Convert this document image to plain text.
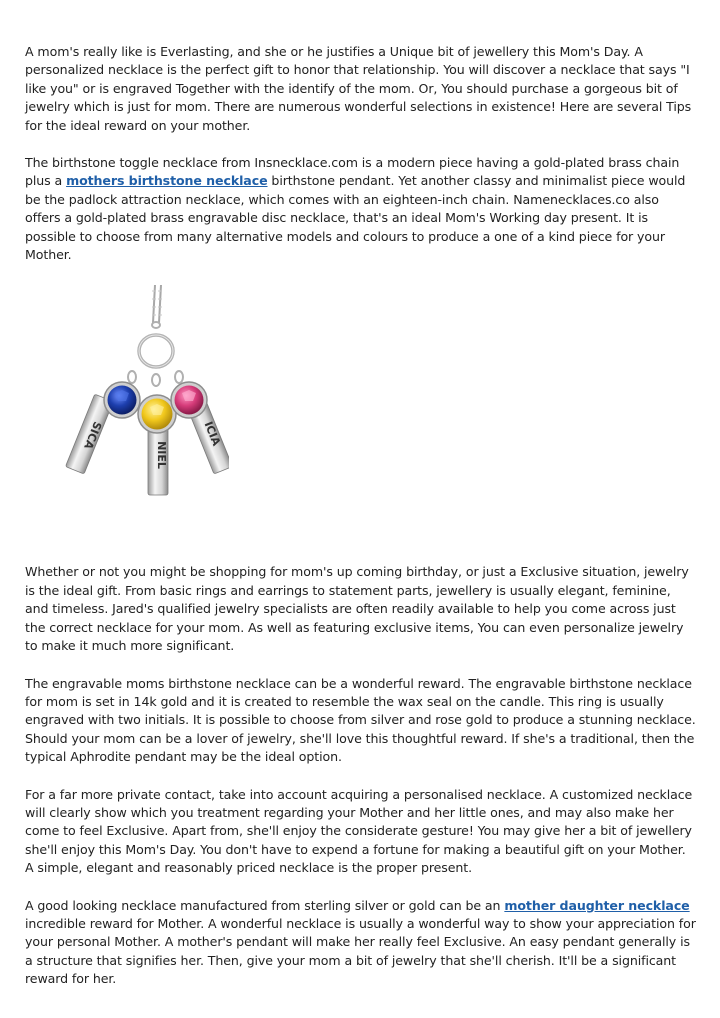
A mom's really like is Everlasting, and she or he justifies a Unique bit of jewellery this Mom's Day. A personalized necklace is the perfect gift to honor that relationship. You will discover a necklace that says "I like you" or is engraved Together with the identify of the mom. Or, You should purchase a gorgeous bit of jewelry which is just for mom. There are numerous wonderful selections in existence! Here are several Tips for the ideal reward on your mother.

The birthstone toggle necklace from Insnecklace.com is a modern piece having a gold-plated brass chain plus a mothers birthstone necklace birthstone pendant. Yet another classy and minimalist piece would be the padlock attraction necklace, which comes with an eighteen-inch chain. Namenecklaces.co also offers a gold-plated brass engravable disc necklace, that's an ideal Mom's Working day present. It is possible to choose from many alternative models and colours to produce a one of a kind piece for your Mother.

SICA
NIEL
ICIA

Whether or not you might be shopping for mom's up coming birthday, or just a Exclusive situation, jewelry is the ideal gift. From basic rings and earrings to statement parts, jewellery is usually elegant, feminine, and timeless. Jared's qualified jewelry specialists are often readily available to help you come across just the correct necklace for your mom. As well as featuring exclusive items, You can even personalize jewelry to make it much more significant.

The engravable moms birthstone necklace can be a wonderful reward. The engravable birthstone necklace for mom is set in 14k gold and it is created to resemble the wax seal on the candle. This ring is usually engraved with two initials. It is possible to choose from silver and rose gold to produce a stunning necklace. Should your mom can be a lover of jewelry, she'll love this thoughtful reward. If she's a traditional, then the typical Aphrodite pendant may be the ideal option.

For a far more private contact, take into account acquiring a personalised necklace. A customized necklace will clearly show which you treatment regarding your Mother and her little ones, and may also make her come to feel Exclusive. Apart from, she'll enjoy the considerate gesture! You may give her a bit of jewellery she'll enjoy this Mom's Day. You don't have to expend a fortune for making a beautiful gift on your Mother. A simple, elegant and reasonably priced necklace is the proper present.

A good looking necklace manufactured from sterling silver or gold can be an mother daughter necklace incredible reward for Mother. A wonderful necklace is usually a wonderful way to show your appreciation for your personal Mother. A mother's pendant will make her really feel Exclusive. An easy pendant generally is a structure that signifies her. Then, give your mom a bit of jewelry that she'll cherish. It'll be a significant reward for her.
